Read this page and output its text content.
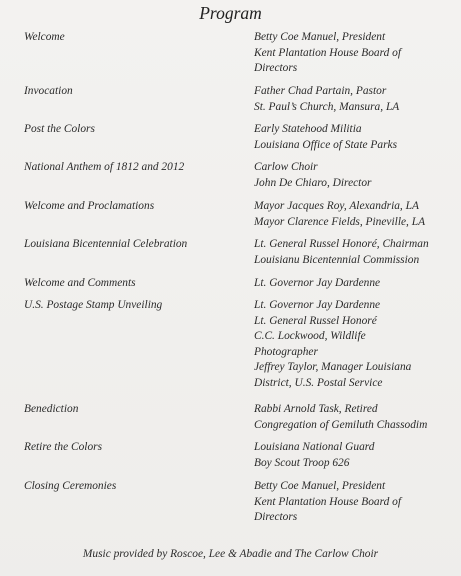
Program
Welcome	Betty Coe Manuel, President
Kent Plantation House Board of
Directors
Invocation	Father Chad Partain, Pastor
St. Paul’s Church, Mansura, LA
Post the Colors	Early Statehood Militia
Louisiana Office of State Parks
National Anthem of 1812 and 2012	Carlow Choir
John De Chiaro, Director
Welcome and Proclamations	Mayor Jacques Roy, Alexandria, LA
Mayor Clarence Fields, Pineville, LA
Louisiana Bicentennial Celebration	Lt. General Russel Honoré, Chairman
Louisianu Bicentennial Commission
Welcome and Comments	Lt. Governor Jay Dardenne
U.S. Postage Stamp Unveiling	Lt. Governor Jay Dardenne
Lt. General Russel Honoré
C.C. Lockwood, Wildlife
Photographer
Jeffrey Taylor, Manager Louisiana
District, U.S. Postal Service
Benediction	Rabbi Arnold Task, Retired
Congregation of Gemiluth Chassodim
Retire the Colors	Louisiana National Guard
Boy Scout Troop 626
Closing Ceremonies	Betty Coe Manuel, President
Kent Plantation House Board of
Directors
Music provided by Roscoe, Lee & Abadie and The Carlow Choir
